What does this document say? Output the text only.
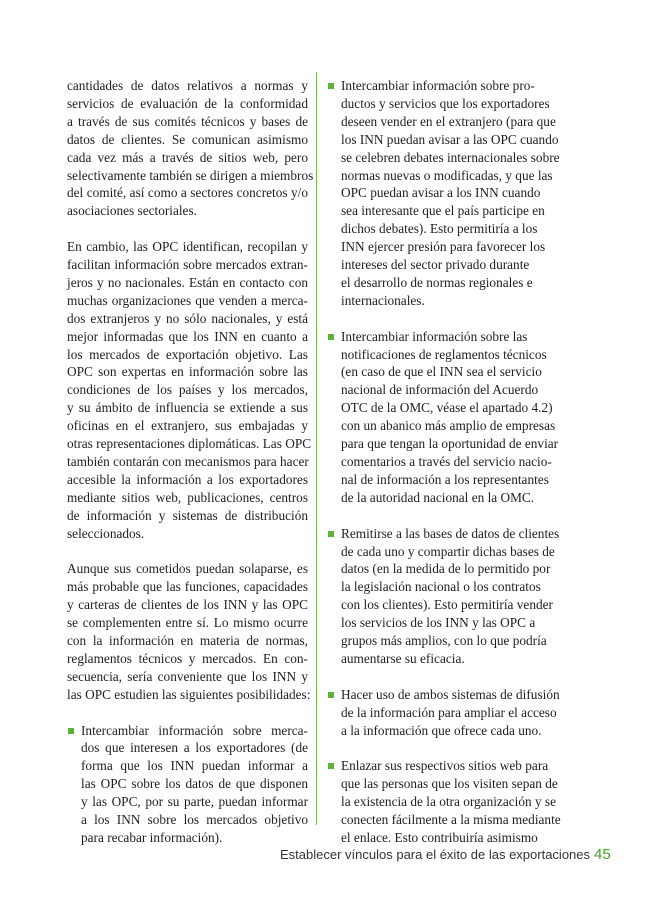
cantidades de datos relativos a normas y
servicios de evaluación de la conformidad
a través de sus comités técnicos y bases de
datos de clientes. Se comunican asimismo
cada vez más a través de sitios web, pero
selectivamente también se dirigen a miembros
del comité, así como a sectores concretos y/o
asociaciones sectoriales.

En cambio, las OPC identifican, recopilan y
facilitan información sobre mercados extran-
jeros y no nacionales. Están en contacto con
muchas organizaciones que venden a merca-
dos extranjeros y no sólo nacionales, y está
mejor informadas que los INN en cuanto a
los mercados de exportación objetivo. Las
OPC son expertas en información sobre las
condiciones de los países y los mercados,
y su ámbito de influencia se extiende a sus
oficinas en el extranjero, sus embajadas y
otras representaciones diplomáticas. Las OPC
también contarán con mecanismos para hacer
accesible la información a los exportadores
mediante sitios web, publicaciones, centros
de información y sistemas de distribución
seleccionados.

Aunque sus cometidos puedan solaparse, es
más probable que las funciones, capacidades
y carteras de clientes de los INN y las OPC
se complementen entre sí. Lo mismo ocurre
con la información en materia de normas,
reglamentos técnicos y mercados. En con-
secuencia, sería conveniente que los INN y
las OPC estudien las siguientes posibilidades:

Intercambiar información sobre merca-
dos que interesen a los exportadores (de
forma que los INN puedan informar a
las OPC sobre los datos de que disponen
y las OPC, por su parte, puedan informar
a los INN sobre los mercados objetivo
para recabar información).
Intercambiar información sobre pro-
ductos y servicios que los exportadores
deseen vender en el extranjero (para que
los INN puedan avisar a las OPC cuando
se celebren debates internacionales sobre
normas nuevas o modificadas, y que las
OPC puedan avisar a los INN cuando
sea interesante que el país participe en
dichos debates). Esto permitiría a los
INN ejercer presión para favorecer los
intereses del sector privado durante
el desarrollo de normas regionales e
internacionales.
Intercambiar información sobre las
notificaciones de reglamentos técnicos
(en caso de que el INN sea el servicio
nacional de información del Acuerdo
OTC de la OMC, véase el apartado 4.2)
con un abanico más amplio de empresas
para que tengan la oportunidad de enviar
comentarios a través del servicio nacio-
nal de información a los representantes
de la autoridad nacional en la OMC.
Remitirse a las bases de datos de clientes
de cada uno y compartir dichas bases de
datos (en la medida de lo permitido por
la legislación nacional o los contratos
con los clientes). Esto permitiría vender
los servicios de los INN y las OPC a
grupos más amplios, con lo que podría
aumentarse su eficacia.
Hacer uso de ambos sistemas de difusión
de la información para ampliar el acceso
a la información que ofrece cada uno.
Enlazar sus respectivos sitios web para
que las personas que los visiten sepan de
la existencia de la otra organización y se
conecten fácilmente a la misma mediante
el enlace. Esto contribuiría asimismo
Establecer vínculos para el éxito de las exportaciones 45
